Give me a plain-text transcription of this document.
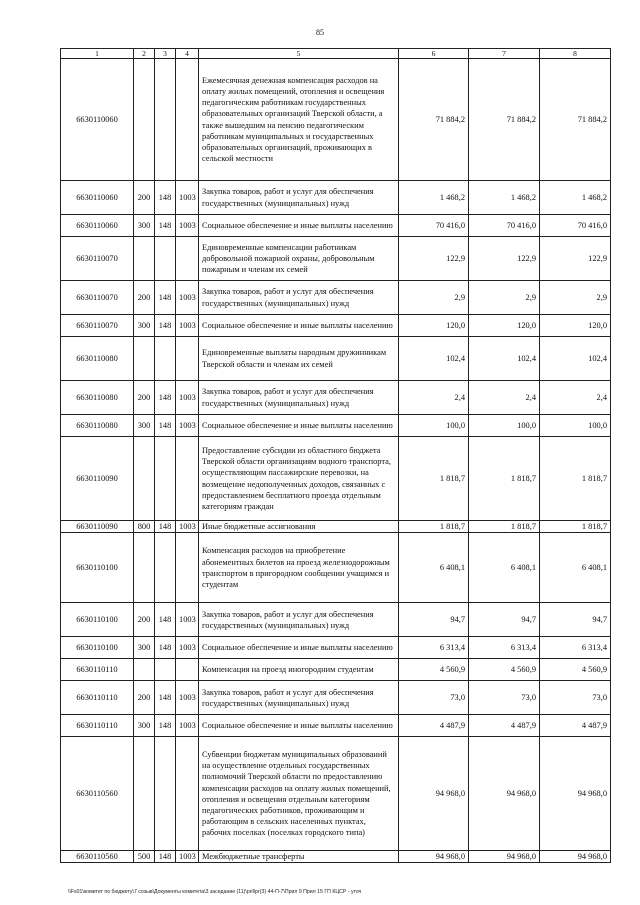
85
1	2	3	4	5	6	7	8
6630110060				Ежемесячная денежная компенсация расходов на оплату жилых помещений, отопления и освещения педагогическим работникам государственных образовательных организаций Тверской области, а также вышедшим на пенсию педагогическим работникам муниципальных и государственных образовательных организаций, проживающих в сельской местности	71 884,2	71 884,2	71 884,2
6630110060	200	148	1003	Закупка товаров, работ и услуг для обеспечения государственных (муниципальных) нужд	1 468,2	1 468,2	1 468,2
6630110060	300	148	1003	Социальное обеспечение и иные выплаты населению	70 416,0	70 416,0	70 416,0
6630110070				Единовременные компенсации работникам добровольной пожарной охраны, добровольным пожарным и членам их семей	122,9	122,9	122,9
6630110070	200	148	1003	Закупка товаров, работ и услуг для обеспечения государственных (муниципальных) нужд	2,9	2,9	2,9
6630110070	300	148	1003	Социальное обеспечение и иные выплаты населению	120,0	120,0	120,0
6630110080				Единовременные выплаты народным дружинникам Тверской области и членам их семей	102,4	102,4	102,4
6630110080	200	148	1003	Закупка товаров, работ и услуг для обеспечения государственных (муниципальных) нужд	2,4	2,4	2,4
6630110080	300	148	1003	Социальное обеспечение и иные выплаты населению	100,0	100,0	100,0
6630110090				Предоставление субсидии из областного бюджета Тверской области организациям водного транспорта, осуществляющим пассажирские перевозки, на возмещение недополученных доходов, связанных с предоставлением бесплатного проезда отдельным категориям граждан	1 818,7	1 818,7	1 818,7
6630110090	800	148	1003	Иные бюджетные ассигнования	1 818,7	1 818,7	1 818,7
6630110100				Компенсация расходов на приобретение абонементных билетов на проезд железнодорожным транспортом в пригородном сообщении учащимся и студентам	6 408,1	6 408,1	6 408,1
6630110100	200	148	1003	Закупка товаров, работ и услуг для обеспечения государственных (муниципальных) нужд	94,7	94,7	94,7
6630110100	300	148	1003	Социальное обеспечение и иные выплаты населению	6 313,4	6 313,4	6 313,4
6630110110				Компенсация на проезд иногородним студентам	4 560,9	4 560,9	4 560,9
6630110110	200	148	1003	Закупка товаров, работ и услуг для обеспечения государственных (муниципальных) нужд	73,0	73,0	73,0
6630110110	300	148	1003	Социальное обеспечение и иные выплаты населению	4 487,9	4 487,9	4 487,9
6630110560				Субвенции бюджетам муниципальных образований на осуществление отдельных государственных полномочий Тверской области по предоставлению компенсации расходов на оплату жилых помещений, отопления и освещения отдельным категориям педагогических работников, проживающим и работающим в сельских населенных пунктах, рабочих поселках (поселках городского типа)	94 968,0	94 968,0	94 968,0
6630110560	500	148	1003	Межбюджетные трансферты	94 968,0	94 968,0	94 968,0
\\Fs01\комитет по бюджету\7 созыв\Документы комитета\3 заседание (11)\pril\pr(3) 44-П-7\Прил 9 Прил 15 ГП КЦСР - уточ
